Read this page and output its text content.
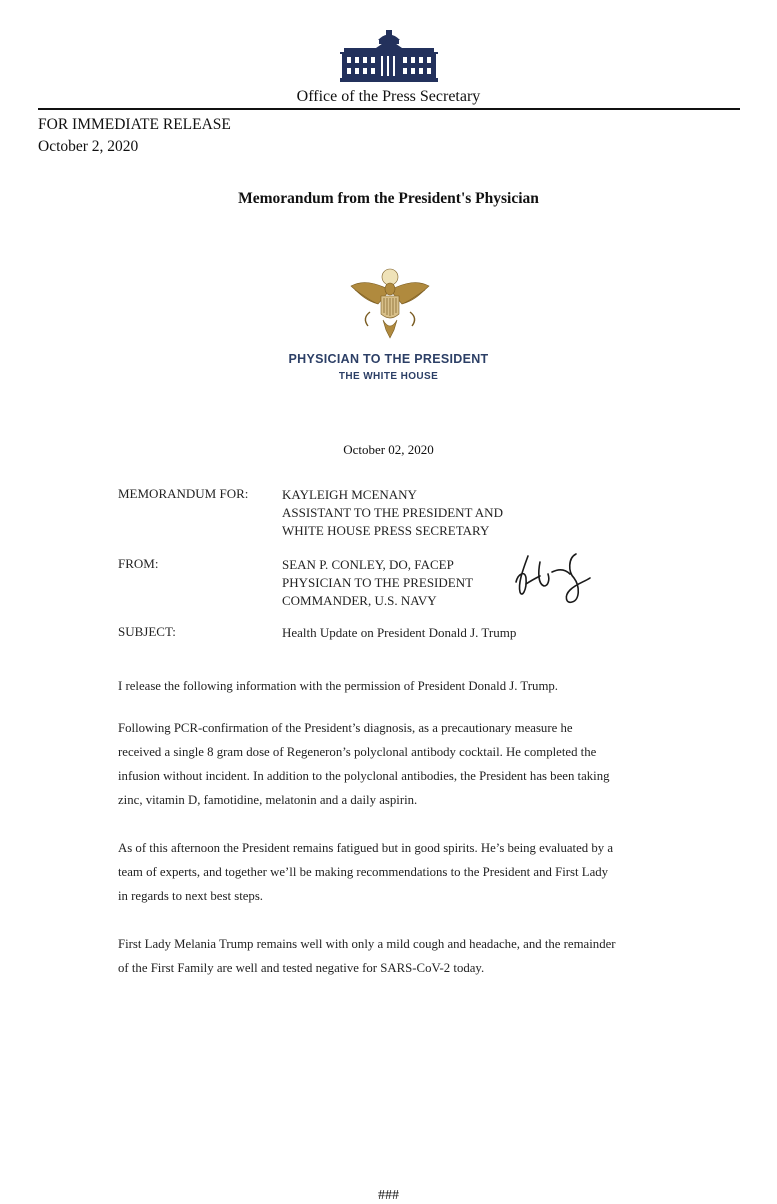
Office of the Press Secretary
FOR IMMEDIATE RELEASE
October 2, 2020
Memorandum from the President's Physician
PHYSICIAN TO THE PRESIDENT
THE WHITE HOUSE
October 02, 2020
MEMORANDUM FOR:	KAYLEIGH MCENANY
ASSISTANT TO THE PRESIDENT AND
WHITE HOUSE PRESS SECRETARY
FROM:	SEAN P. CONLEY, DO, FACEP
PHYSICIAN TO THE PRESIDENT
COMMANDER, U.S. NAVY
SUBJECT:	Health Update on President Donald J. Trump
I release the following information with the permission of President Donald J. Trump.
Following PCR-confirmation of the President’s diagnosis, as a precautionary measure he
received a single 8 gram dose of Regeneron’s polyclonal antibody cocktail. He completed the
infusion without incident. In addition to the polyclonal antibodies, the President has been taking
zinc, vitamin D, famotidine, melatonin and a daily aspirin.
As of this afternoon the President remains fatigued but in good spirits. He’s being evaluated by a
team of experts, and together we’ll be making recommendations to the President and First Lady
in regards to next best steps.
First Lady Melania Trump remains well with only a mild cough and headache, and the remainder
of the First Family are well and tested negative for SARS-CoV-2 today.
###
